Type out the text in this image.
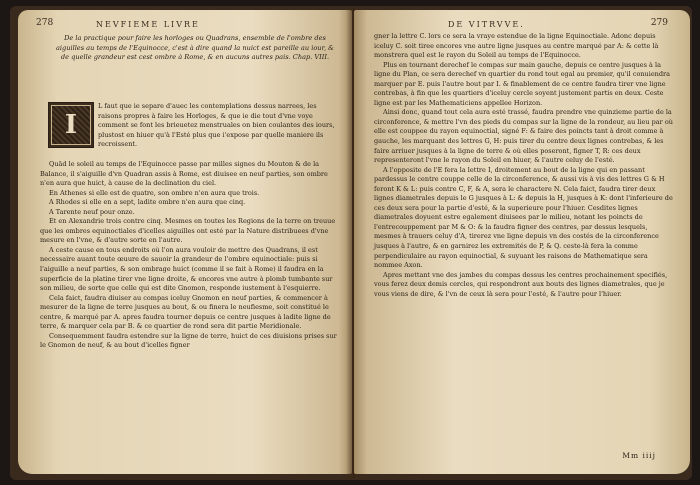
278	NEVFIEME LIVRE
De la practique pour faire les horloges ou Quadrans, ensemble de l'ombre des aiguilles au temps de l'Equinocce, c'est à dire quand la nuict est pareille au iour, & de quelle grandeur est cest ombre à Rome, & en aucuns autres pais. Chap. VIII.
I

L faut que ie separe d'auec les contemplations dessus narrees, les raisons propres à faire les Horloges, & que ie die tout d'vne voye comment se font les brieuetez menstruales on bien coulantes des iours, plustost en hiuer qu'à l'Esté plus que i'expose par quelle maniere ils recroissent.

Quād le soleil au temps de l'Equinocce passe par milles signes du Mouton & de la Balance, il s'aiguille d'vn Quadran assis à Rome, est diuisee en neuf parties, son ombre n'en aura que huict, à cause de la declination du ciel.

En Athenes si elle est de quatre, son ombre n'en aura que trois.

A Rhodes si elle en a sept, ladite ombre n'en aura que cinq.

A Tarente neuf pour onze.

Et en Alexandrie trois contre cinq. Mesmes en toutes les Regions de la terre on treuue que les ombres equinoctiales d'icelles aiguilles ont esté par la Nature distribuees d'vne mesure en l'vne, & d'autre sorte en l'autre.

A ceste cause en tous endroits où l'on aura vouloir de mettre des Quadrans, il est necessaire auant toute œuure de sauoir la grandeur de l'ombre equinoctiale: puis si l'aiguille a neuf parties, & son ombrage huict (comme il se fait à Rome) il faudra en la superficie de la platine tirer vne ligne droite, & encores vne autre à plomb tumbante sur son milieu, de sorte que celle qui est dite Gnomon, responde iustement à l'esquierre.

Cela faict, faudra diuiser au compas iceluy Gnomon en neuf parties, & commencer à mesurer de la ligne de terre jusques au bout, & ou finera le neufiesme, soit constitué le centre, & marqué par A. apres faudra tourner depuis ce centre jusques à ladite ligne de terre, & marquer cela par B. & ce quartier de rond sera dit partie Meridionale.

Consequemment faudra estendre sur la ligne de terre, huict de ces diuisions prises sur le Gnomon de neuf, & au bout d'icelles figner

DE VITRVVE.	279

gner la lettre C. lors ce sera la vraye estendue de la ligne Equinoctiale. Adonc depuis iceluy C. soit tiree encores vne autre ligne jusques au centre marqué par A: & cette là monstrera quel est le rayon du Soleil au temps de l'Equinocce.

Plus en tournant derechef le compas sur main gauche, depuis ce centre jusques à la ligne du Plan, ce sera derechef vn quartier du rond tout egal au premier, qu'il conuiendra marquer par E. puis l'autre bout par I. & finablement de ce centre faudra tirer vne ligne contrebas, à fin que les quartiers d'iceluy cercle soyent justement partis en deux. Ceste ligne est par les Mathematiciens appellee Horizon.

Ainsi donc, quand tout cela aura esté trassé, faudra prendre vne quinzieme partie de la circonference, & mettre l'vn des pieds du compas sur la ligne de la rondeur, au lieu par où elle est couppee du rayon equinoctial, signé F: & faire des poincts tant à droit comme à gauche, les marquant des lettres G, H: puis tirer du centre deux lignes contrebas, & les faire arriuer jusques à la ligne de terre & où elles poseront, figner T, R: ces deux representeront l'vne le rayon du Soleil en hiuer, & l'autre celuy de l'esté.

A l'opposite de l'E fera la lettre I, droitement au bout de la ligne qui en passant pardessus le centre couppe celle de la circonference, & aussi vis à vis des lettres G & H feront K & L: puis contre C, F, & A, sera le charactere N. Cela faict, faudra tirer deux lignes diametrales depuis le G jusques à L: & depuis la H, jusques à K: dont l'inferieure de ces deux sera pour la partie d'esté, & la superieure pour l'hiuer. Cesdites lignes diametrales doyuent estre egalement diuisees par le milieu, notant les poincts de l'entrecouppement par M & O: & la faudra figner des centres, par dessus lesquels, mesmes à trauers celuy d'A, tirerez vne ligne depuis vn des costés de la circonference jusques à l'autre, & en garnirez les extremités de P, & Q. ceste-là fera la comme perpendiculaire au rayon equinoctial, & suyuant les raisons de Mathematique sera nommee Axon.

Apres mettant vne des jambes du compas dessus les centres prochainement specifiés, vous ferez deux demis cercles, qui respondront aux bouts des lignes diametrales, que je vous viens de dire, & l'vn de ceux là sera pour l'esté, & l'autre pour l'hiuer.

Mm iiij
